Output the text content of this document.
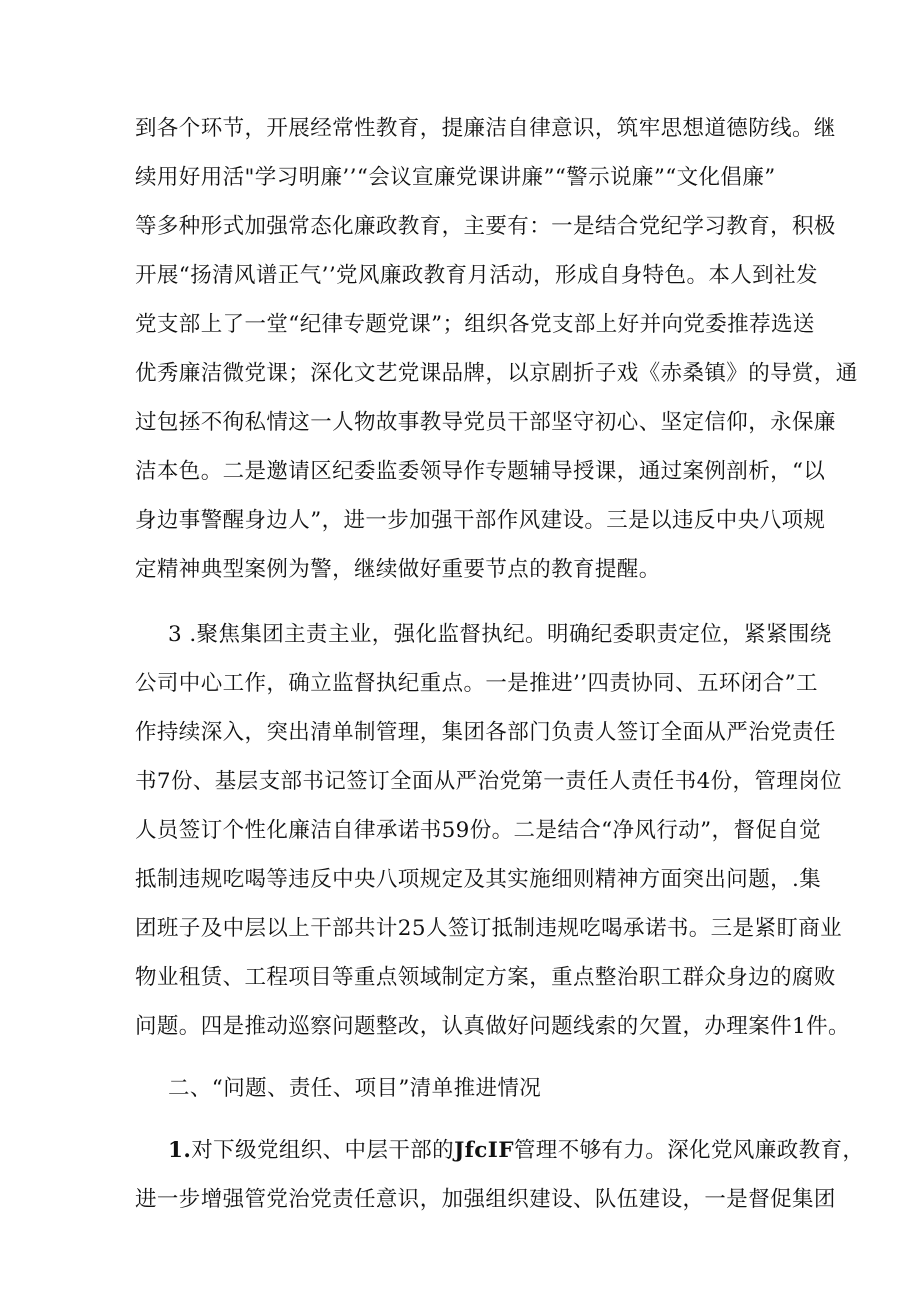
到各个环节，开展经常性教育，提廉洁自律意识，筑牢思想道德防线。继
续用好用活"学习明廉’’“会议宣廉党课讲廉”“警示说廉”“文化倡廉”
等多种形式加强常态化廉政教育，主要有：一是结合党纪学习教育，积极
开展“扬清风谱正气’’党风廉政教育月活动，形成自身特色。本人到社发
党支部上了一堂“纪律专题党课”；组织各党支部上好并向党委推荐选送
优秀廉洁微党课；深化文艺党课品牌，以京剧折子戏《赤桑镇》的导赏，通
过包拯不徇私情这一人物故事教导党员干部坚守初心、坚定信仰，永保廉
洁本色。二是邀请区纪委监委领导作专题辅导授课，通过案例剖析，“以
身边事警醒身边人”，进一步加强干部作风建设。三是以违反中央八项规
定精神典型案例为警，继续做好重要节点的教育提醒。
3 .聚焦集团主责主业，强化监督执纪。明确纪委职责定位，紧紧围绕
公司中心工作，确立监督执纪重点。一是推进’’四责协同、五环闭合”工
作持续深入，突出清单制管理，集团各部门负责人签订全面从严治党责任
书7份、基层支部书记签订全面从严治党第一责任人责任书4份，管理岗位
人员签订个性化廉洁自律承诺书59份。二是结合“净风行动”，督促自觉
抵制违规吃喝等违反中央八项规定及其实施细则精神方面突出问题，.集
团班子及中层以上干部共计25人签订抵制违规吃喝承诺书。三是紧盯商业
物业租赁、工程项目等重点领域制定方案，重点整治职工群众身边的腐败
问题。四是推动巡察问题整改，认真做好问题线索的欠置，办理案件1件。
二、“问题、责任、项目”清单推进情况
1.对下级党组织、中层干部的JfcIF管理不够有力。深化党风廉政教育，
进一步增强管党治党责任意识，加强组织建设、队伍建设，一是督促集团
